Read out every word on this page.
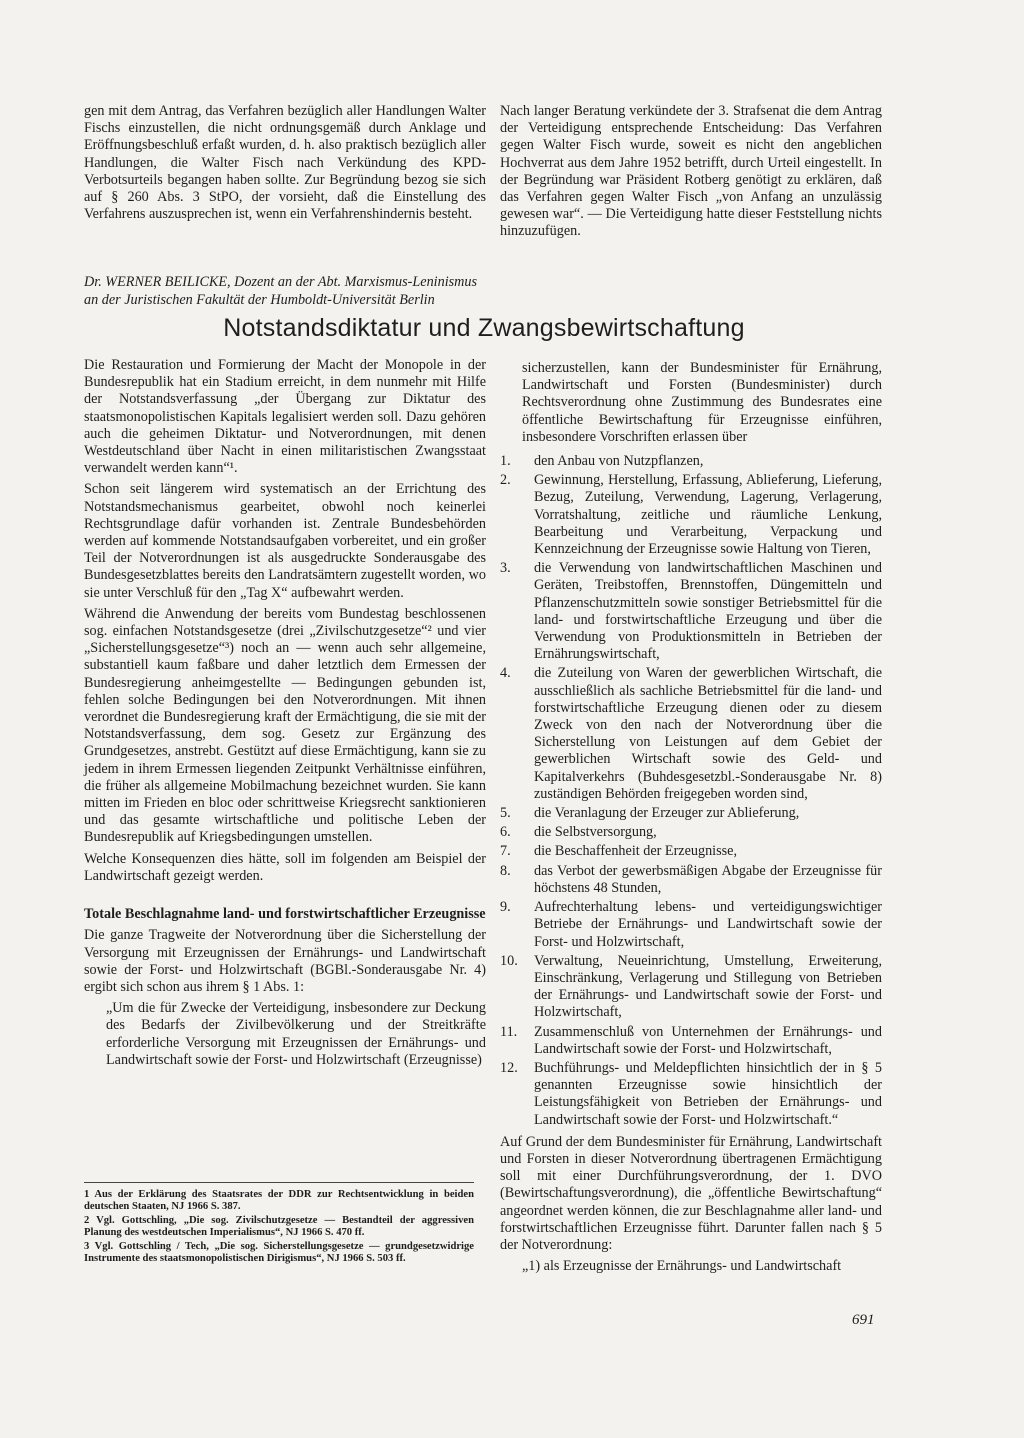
gen mit dem Antrag, das Verfahren bezüglich aller Handlungen Walter Fischs einzustellen, die nicht ordnungsgemäß durch Anklage und Eröffnungsbeschluß erfaßt wurden, d. h. also praktisch bezüglich aller Handlungen, die Walter Fisch nach Verkündung des KPD-Verbotsurteils begangen haben sollte. Zur Begründung bezog sie sich auf § 260 Abs. 3 StPO, der vorsieht, daß die Einstellung des Verfahrens auszusprechen ist, wenn ein Verfahrenshindernis besteht.

Nach langer Beratung verkündete der 3. Strafsenat die dem Antrag der Verteidigung entsprechende Entscheidung: Das Verfahren gegen Walter Fisch wurde, soweit es nicht den angeblichen Hochverrat aus dem Jahre 1952 betrifft, durch Urteil eingestellt. In der Begründung war Präsident Rotberg genötigt zu erklären, daß das Verfahren gegen Walter Fisch „von Anfang an unzulässig gewesen war“. — Die Verteidigung hatte dieser Feststellung nichts hinzuzufügen.

Dr. WERNER BEILICKE, Dozent an der Abt. Marxismus-Leninismus
an der Juristischen Fakultät der Humboldt-Universität Berlin
Notstandsdiktatur und Zwangsbewirtschaftung

Die Restauration und Formierung der Macht der Monopole in der Bundesrepublik hat ein Stadium erreicht, in dem nunmehr mit Hilfe der Notstandsverfassung „der Übergang zur Diktatur des staatsmonopolistischen Kapitals legalisiert werden soll. Dazu gehören auch die geheimen Diktatur- und Notverordnungen, mit denen Westdeutschland über Nacht in einen militaristischen Zwangsstaat verwandelt werden kann“¹.

Schon seit längerem wird systematisch an der Errichtung des Notstandsmechanismus gearbeitet, obwohl noch keinerlei Rechtsgrundlage dafür vorhanden ist. Zentrale Bundesbehörden werden auf kommende Notstandsaufgaben vorbereitet, und ein großer Teil der Notverordnungen ist als ausgedruckte Sonderausgabe des Bundesgesetzblattes bereits den Landratsämtern zugestellt worden, wo sie unter Verschluß für den „Tag X“ aufbewahrt werden.

Während die Anwendung der bereits vom Bundestag beschlossenen sog. einfachen Notstandsgesetze (drei „Zivilschutzgesetze“² und vier „Sicherstellungsgesetze“³) noch an — wenn auch sehr allgemeine, substantiell kaum faßbare und daher letztlich dem Ermessen der Bundesregierung anheimgestellte — Bedingungen gebunden ist, fehlen solche Bedingungen bei den Notverordnungen. Mit ihnen verordnet die Bundesregierung kraft der Ermächtigung, die sie mit der Notstandsverfassung, dem sog. Gesetz zur Ergänzung des Grundgesetzes, anstrebt. Gestützt auf diese Ermächtigung, kann sie zu jedem in ihrem Ermessen liegenden Zeitpunkt Verhältnisse einführen, die früher als allgemeine Mobilmachung bezeichnet wurden. Sie kann mitten im Frieden en bloc oder schrittweise Kriegsrecht sanktionieren und das gesamte wirtschaftliche und politische Leben der Bundesrepublik auf Kriegsbedingungen umstellen.

Welche Konsequenzen dies hätte, soll im folgenden am Beispiel der Landwirtschaft gezeigt werden.

Totale Beschlagnahme land- und forstwirtschaftlicher Erzeugnisse

Die ganze Tragweite der Notverordnung über die Sicherstellung der Versorgung mit Erzeugnissen der Ernährungs- und Landwirtschaft sowie der Forst- und Holzwirtschaft (BGBl.-Sonderausgabe Nr. 4) ergibt sich schon aus ihrem § 1 Abs. 1:

„Um die für Zwecke der Verteidigung, insbesondere zur Deckung des Bedarfs der Zivilbevölkerung und der Streitkräfte erforderliche Versorgung mit Erzeugnissen der Ernährungs- und Landwirtschaft sowie der Forst- und Holzwirtschaft (Erzeugnisse)

sicherzustellen, kann der Bundesminister für Ernährung, Landwirtschaft und Forsten (Bundesminister) durch Rechtsverordnung ohne Zustimmung des Bundesrates eine öffentliche Bewirtschaftung für Erzeugnisse einführen, insbesondere Vorschriften erlassen über

1.	den Anbau von Nutzpflanzen,
2.	Gewinnung, Herstellung, Erfassung, Ablieferung, Lieferung, Bezug, Zuteilung, Verwendung, Lagerung, Verlagerung, Vorratshaltung, zeitliche und räumliche Lenkung, Bearbeitung und Verarbeitung, Verpackung und Kennzeichnung der Erzeugnisse sowie Haltung von Tieren,
3.	die Verwendung von landwirtschaftlichen Maschinen und Geräten, Treibstoffen, Brennstoffen, Düngemitteln und Pflanzenschutzmitteln sowie sonstiger Betriebsmittel für die land- und forstwirtschaftliche Erzeugung und über die Verwendung von Produktionsmitteln in Betrieben der Ernährungswirtschaft,
4.	die Zuteilung von Waren der gewerblichen Wirtschaft, die ausschließlich als sachliche Betriebsmittel für die land- und forstwirtschaftliche Erzeugung dienen oder zu diesem Zweck von den nach der Notverordnung über die Sicherstellung von Leistungen auf dem Gebiet der gewerblichen Wirtschaft sowie des Geld- und Kapitalverkehrs (Buhdesgesetzbl.-Sonderausgabe Nr. 8) zuständigen Behörden freigegeben worden sind,
5.	die Veranlagung der Erzeuger zur Ablieferung,
6.	die Selbstversorgung,
7.	die Beschaffenheit der Erzeugnisse,
8.	das Verbot der gewerbsmäßigen Abgabe der Erzeugnisse für höchstens 48 Stunden,
9.	Aufrechterhaltung lebens- und verteidigungswichtiger Betriebe der Ernährungs- und Landwirtschaft sowie der Forst- und Holzwirtschaft,
10.	Verwaltung, Neueinrichtung, Umstellung, Erweiterung, Einschränkung, Verlagerung und Stillegung von Betrieben der Ernährungs- und Landwirtschaft sowie der Forst- und Holzwirtschaft,
11.	Zusammenschluß von Unternehmen der Ernährungs- und Landwirtschaft sowie der Forst- und Holzwirtschaft,
12.	Buchführungs- und Meldepflichten hinsichtlich der in § 5 genannten Erzeugnisse sowie hinsichtlich der Leistungsfähigkeit von Betrieben der Ernährungs- und Landwirtschaft sowie der Forst- und Holzwirtschaft.“

Auf Grund der dem Bundesminister für Ernährung, Landwirtschaft und Forsten in dieser Notverordnung übertragenen Ermächtigung soll mit einer Durchführungsverordnung, der 1. DVO (Bewirtschaftungsverordnung), die „öffentliche Bewirtschaftung“ angeordnet werden können, die zur Beschlagnahme aller land- und forstwirtschaftlichen Erzeugnisse führt. Darunter fallen nach § 5 der Notverordnung:

„1) als Erzeugnisse der Ernährungs- und Landwirtschaft

1 Aus der Erklärung des Staatsrates der DDR zur Rechtsentwicklung in beiden deutschen Staaten, NJ 1966 S. 387.

2 Vgl. Gottschling, „Die sog. Zivilschutzgesetze — Bestandteil der aggressiven Planung des westdeutschen Imperialismus“, NJ 1966 S. 470 ff.

3 Vgl. Gottschling / Tech, „Die sog. Sicherstellungsgesetze — grundgesetzwidrige Instrumente des staatsmonopolistischen Dirigismus“, NJ 1966 S. 503 ff.

691
